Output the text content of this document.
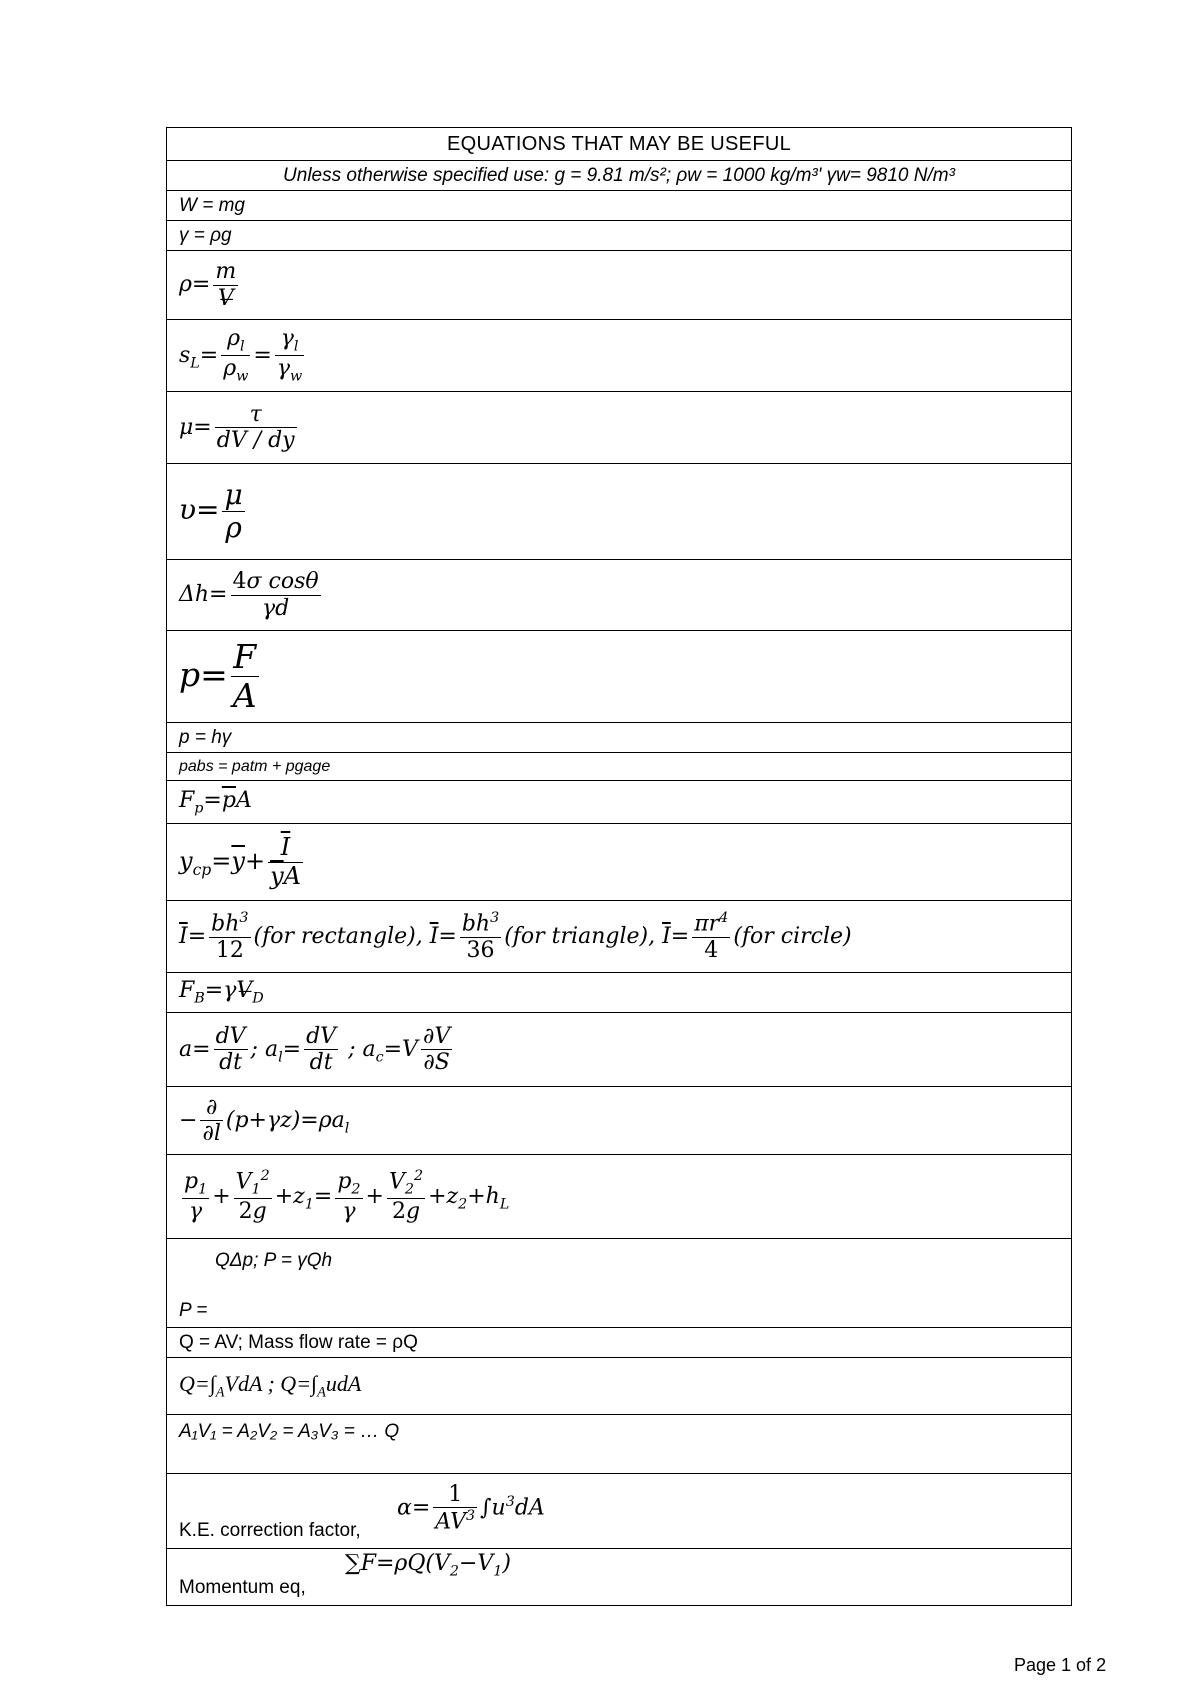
EQUATIONS THAT MAY BE USEFUL
Unless otherwise specified use: g = 9.81 m/s²; ρw = 1000 kg/m³' γw= 9810 N/m³
W = mg
γ = ρg
$\rho= \frac{m}{V̶}$

$s_L= \frac{\rho_l}{\rho_w} = \frac{\gamma_l}{\gamma_w}$

$\mu= \frac{\tau}{dV / dy}$

$\upsilon= \frac{\mu}{\rho}$

$\Delta h= \frac{\text{4σ cosθ}}{\gamma d}$

$p= \frac{F}{A}$

p = hγ
pabs = patm + pgage
$F_p=\overline{p}A$
$y_{cp}=\overline{y}+ \frac{\overline{I}}{\overline{y}A}$

$\overline{I}= \frac{bh^3}{12} (for$ rectangle), $\overline{I}= \frac{bh^3}{36} (for$ triangle), $\overline{I}= \frac{\pi r^4}{4} (for$ circle)
$F_B=\gamma V̶_D$
$a= \frac{dV}{dt}$ ; $a_l= \frac{dV}{dt}$ ; $a_c=V \frac{\partial V}{\partial S}$

− $\frac{\partial}{\partial l} (p+\gamma z)=\rho a_l$

$\frac{p_1}{\gamma} + \frac{V_1^2}{2g} +z_1= \frac{p_2}{\gamma} + \frac{V_2^2}{2g} +z_2+h_L$

QΔp; P = γQh
P =

Q = AV; Mass flow rate = ρQ
$Q=\int_AVdA$ ; $Q=\int_AudA$
A₁V₁ = A₂V₂ = A₃V₃ = … Q

$\alpha= \frac{1}{AV^3} \int u^3dA$
K.E. correction factor,

$\sum F=\rho Q(V_2-V_1)$
Momentum eq,
Page 1 of 2
